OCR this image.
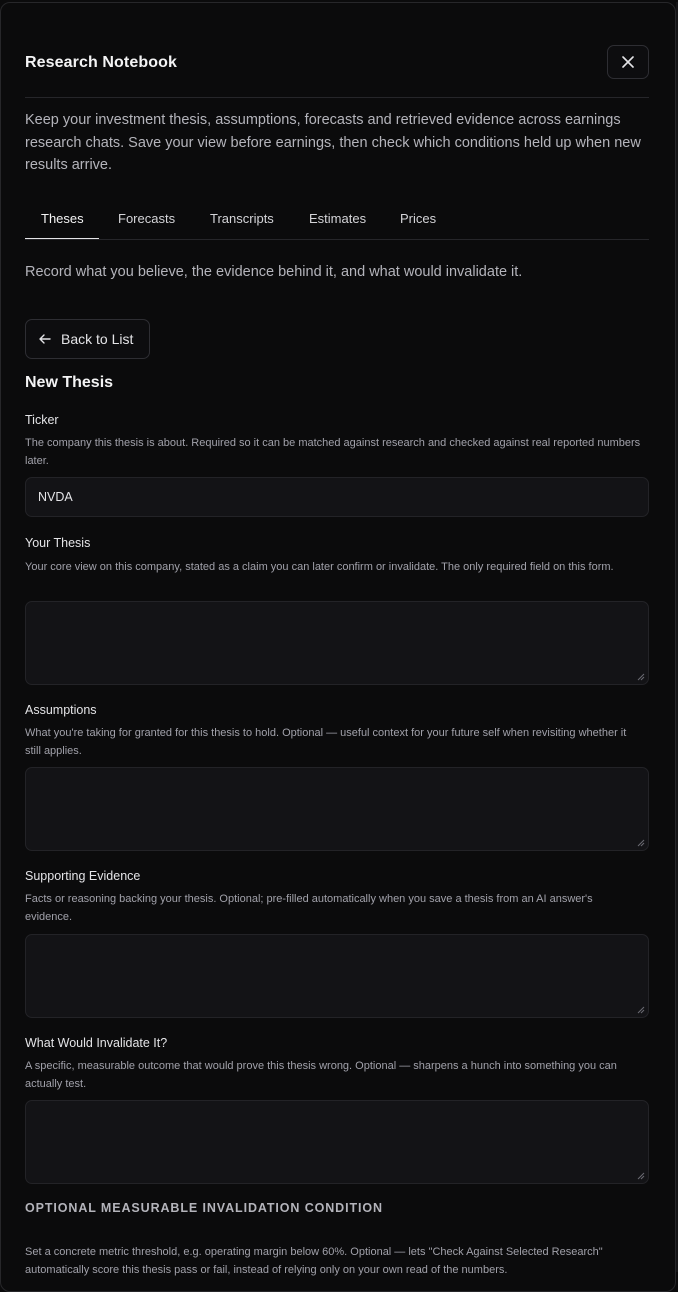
Research Notebook
Keep your investment thesis, assumptions, forecasts and retrieved evidence across earnings research chats. Save your view before earnings, then check which conditions held up when new results arrive.
Theses	Forecasts	Transcripts	Estimates	Prices
Record what you believe, the evidence behind it, and what would invalidate it.
Back to List
New Thesis
Ticker
The company this thesis is about. Required so it can be matched against research and checked against real reported numbers later.
NVDA
Your Thesis
Your core view on this company, stated as a claim you can later confirm or invalidate. The only required field on this form.
Assumptions
What you're taking for granted for this thesis to hold. Optional — useful context for your future self when revisiting whether it still applies.
Supporting Evidence
Facts or reasoning backing your thesis. Optional; pre-filled automatically when you save a thesis from an AI answer's evidence.
What Would Invalidate It?
A specific, measurable outcome that would prove this thesis wrong. Optional — sharpens a hunch into something you can actually test.
OPTIONAL MEASURABLE INVALIDATION CONDITION
Set a concrete metric threshold, e.g. operating margin below 60%. Optional — lets "Check Against Selected Research" automatically score this thesis pass or fail, instead of relying only on your own read of the numbers.
